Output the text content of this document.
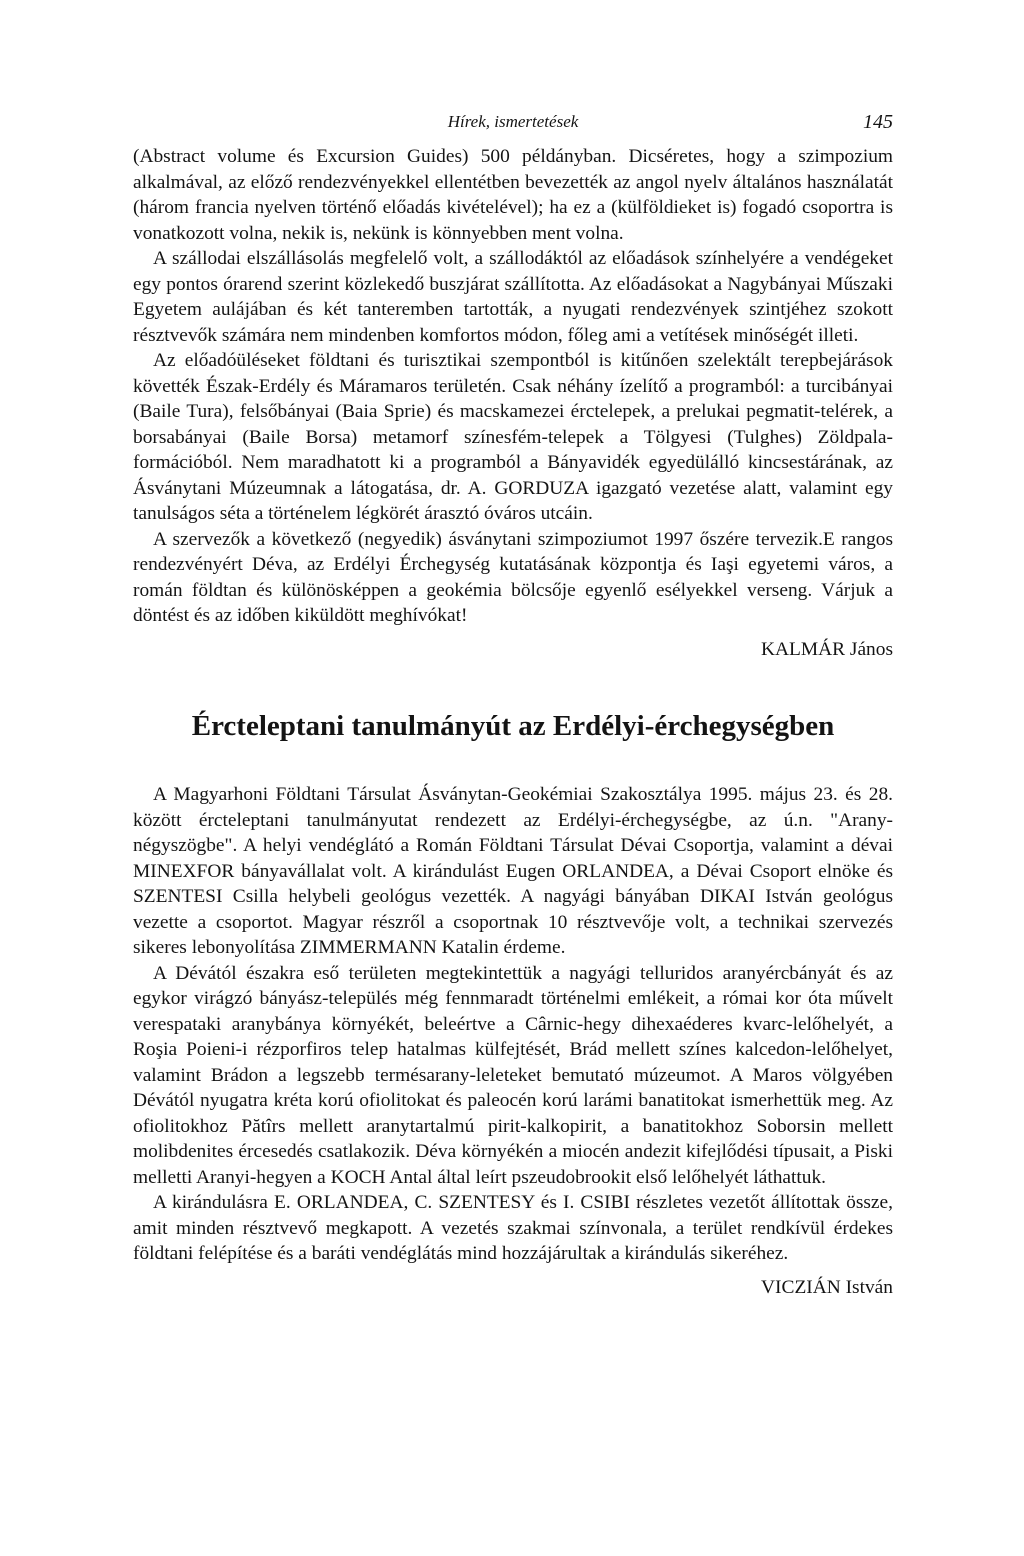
Hírek, ismertetések	145

(Abstract volume és Excursion Guides) 500 példányban. Dicséretes, hogy a szimpozium alkalmával, az előző rendezvényekkel ellentétben bevezették az angol nyelv általános használatát (három francia nyelven történő előadás kivételével); ha ez a (külföldieket is) fogadó csoportra is vonatkozott volna, nekik is, nekünk is könnyebben ment volna.

A szállodai elszállásolás megfelelő volt, a szállodáktól az előadások színhelyére a vendégeket egy pontos órarend szerint közlekedő buszjárat szállította. Az előadásokat a Nagybányai Műszaki Egyetem aulájában és két tanteremben tartották, a nyugati rendezvények szintjéhez szokott résztvevők számára nem mindenben komfortos módon, főleg ami a vetítések minőségét illeti.

Az előadóüléseket földtani és turisztikai szempontból is kitűnően szelektált terepbejárások követték Észak-Erdély és Máramaros területén. Csak néhány ízelítő a programból: a turcibányai (Baile Tura), felsőbányai (Baia Sprie) és macskamezei érctelepek, a prelukai pegmatit-telérek, a borsabányai (Baile Borsa) metamorf színesfém-telepek a Tölgyesi (Tulghes) Zöldpala-formációból. Nem maradhatott ki a programból a Bányavidék egyedülálló kincsestárának, az Ásványtani Múzeumnak a látogatása, dr. A. GORDUZA igazgató vezetése alatt, valamint egy tanulságos séta a történelem légkörét árasztó óváros utcáin.

A szervezők a következő (negyedik) ásványtani szimpoziumot 1997 őszére tervezik.E rangos rendezvényért Déva, az Erdélyi Érchegység kutatásának központja és Iaşi egyetemi város, a román földtan és különösképpen a geokémia bölcsője egyenlő esélyekkel verseng. Várjuk a döntést és az időben kiküldött meghívókat!

KALMÁR János
Ércteleptani tanulmányút az Erdélyi-érchegységben

A Magyarhoni Földtani Társulat Ásványtan-Geokémiai Szakosztálya 1995. május 23. és 28. között ércteleptani tanulmányutat rendezett az Erdélyi-érchegységbe, az ú.n. "Arany-négyszögbe". A helyi vendéglátó a Román Földtani Társulat Dévai Csoportja, valamint a dévai MINEXFOR bányavállalat volt. A kirándulást Eugen ORLANDEA, a Dévai Csoport elnöke és SZENTESI Csilla helybeli geológus vezették. A nagyági bányában DIKAI István geológus vezette a csoportot. Magyar részről a csoportnak 10 résztvevője volt, a technikai szervezés sikeres lebonyolítása ZIMMERMANN Katalin érdeme.

A Dévától északra eső területen megtekintettük a nagyági telluridos aranyércbányát és az egykor virágzó bányász-település még fennmaradt történelmi emlékeit, a római kor óta művelt verespataki aranybánya környékét, beleértve a Cârnic-hegy dihexaéderes kvarc-lelőhelyét, a Roşia Poieni-i rézporfiros telep hatalmas külfejtését, Brád mellett színes kalcedon-lelőhelyet, valamint Brádon a legszebb termésarany-leleteket bemutató múzeumot. A Maros völgyében Dévától nyugatra kréta korú ofiolitokat és paleocén korú larámi banatitokat ismerhettük meg. Az ofiolitokhoz Pătîrs mellett aranytartalmú pirit-kalkopirit, a banatitokhoz Soborsin mellett molibdenites ércesedés csatlakozik. Déva környékén a miocén andezit kifejlődési típusait, a Piski melletti Aranyi-hegyen a KOCH Antal által leírt pszeudobrookit első lelőhelyét láthattuk.

A kirándulásra E. ORLANDEA, C. SZENTESY és I. CSIBI részletes vezetőt állítottak össze, amit minden résztvevő megkapott. A vezetés szakmai színvonala, a terület rendkívül érdekes földtani felépítése és a baráti vendéglátás mind hozzájárultak a kirándulás sikeréhez.

VICZIÁN István
